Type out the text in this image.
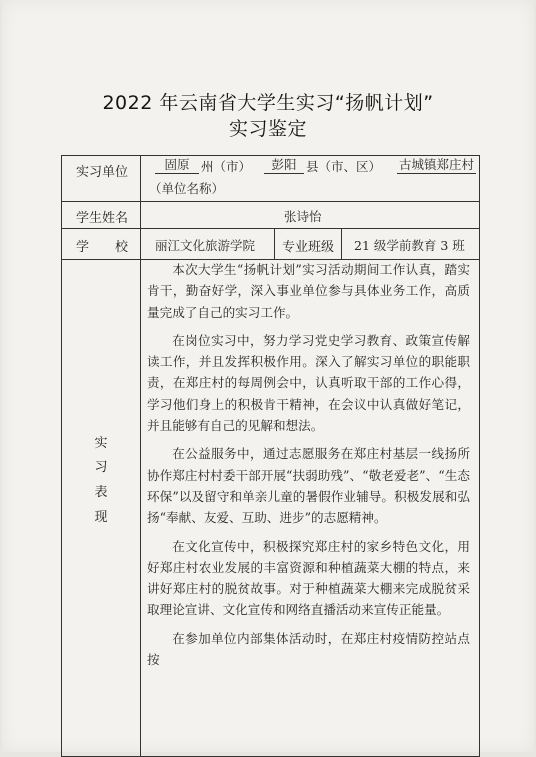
2022 年云南省大学生实习“扬帆计划”
实习鉴定
实习单位
固原 州（市）	彭阳 县（市、区） 古城镇郑庄村
（单位名称）
学生姓名	张诗怡
学　　校 丽江文化旅游学院 专业班级 21 级学前教育 3 班
实
习
表
现

本次大学生“扬帆计划”实习活动期间工作认真，踏实肯干，勤奋好学，深入事业单位参与具体业务工作，高质量完成了自己的实习工作。

在岗位实习中，努力学习党史学习教育、政策宣传解读工作，并且发挥积极作用。深入了解实习单位的职能职责，在郑庄村的每周例会中，认真听取干部的工作心得，学习他们身上的积极肯干精神，在会议中认真做好笔记，并且能够有自己的见解和想法。

在公益服务中，通过志愿服务在郑庄村基层一线扬所协作郑庄村村委干部开展“扶弱助残”、“敬老爱老”、“生态环保”以及留守和单亲儿童的暑假作业辅导。积极发展和弘扬“奉献、友爱、互助、进步”的志愿精神。

在文化宣传中，积极探究郑庄村的家乡特色文化，用好郑庄村农业发展的丰富资源和种植蔬菜大棚的特点，来讲好郑庄村的脱贫故事。对于种植蔬菜大棚来完成脱贫采取理论宣讲、文化宣传和网络直播活动来宣传正能量。

在参加单位内部集体活动时，在郑庄村疫情防控站点按
